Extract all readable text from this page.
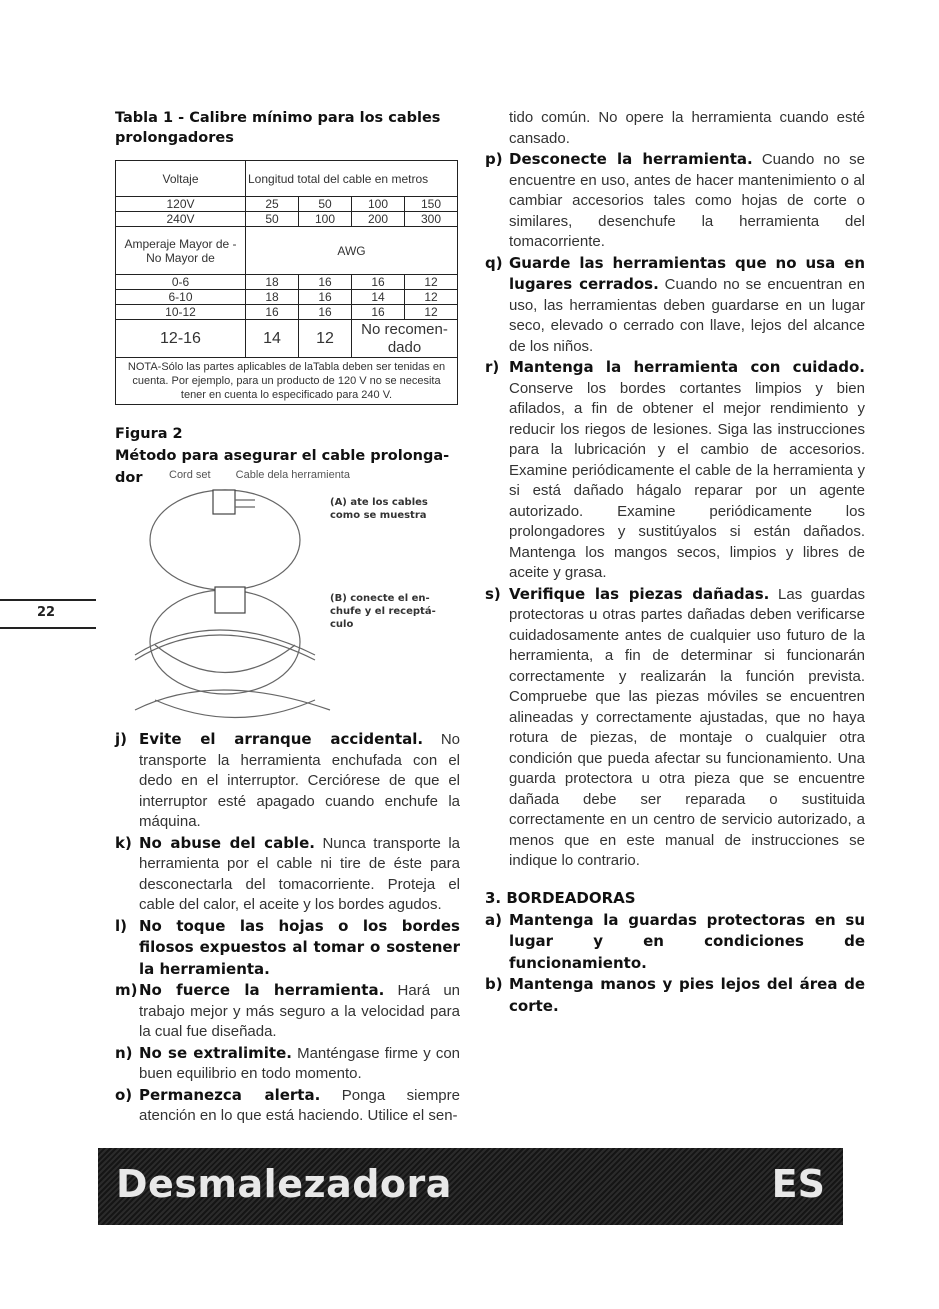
22
Tabla 1 - Calibre mínimo para los cables prolongadores
Voltaje	Longitud total del cable en metros			
120V	25	50	100	150
240V	50	100	200	300
Amperaje Mayor de - No Mayor de	AWG			
0-6	18	16	16	12
6-10	18	16	14	12
10-12	16	16	16	12
12-16	14	12	No recomen-dado	
NOTA-Sólo las partes aplicables de laTabla deben ser tenidas en cuenta. Por ejemplo, para un producto de 120 V no se necesita tener en cuenta lo especificado para 240 V.				
Figura 2
Método para asegurar el cable prolonga-dor	Cord set Cable dela herramienta
(A) ate los cables como se muestra
(B) conecte el en- chufe y el receptá- culo
j) Evite el arranque accidental. No transporte la herramienta enchufada con el dedo en el interruptor. Cerciórese de que el interruptor esté apagado cuando enchufe la máquina.
k) No abuse del cable. Nunca transporte la herramienta por el cable ni tire de éste para desconectarla del tomacorriente. Proteja el cable del calor, el aceite y los bordes agudos.
l) No toque las hojas o los bordes filosos expuestos al tomar o sostener la herramienta.
m) No fuerce la herramienta. Hará un trabajo mejor y más seguro a la velocidad para la cual fue diseñada.
n) No se extralimite. Manténgase firme y con buen equilibrio en todo momento.
o) Permanezca alerta. Ponga siempre atención en lo que está haciendo. Utilice el sen-
tido común. No opere la herramienta cuando esté cansado.
p) Desconecte la herramienta. Cuando no se encuentre en uso, antes de hacer mantenimiento o al cambiar accesorios tales como hojas de corte o similares, desenchufe la herramienta del tomacorriente.
q) Guarde las herramientas que no usa en lugares cerrados. Cuando no se encuentran en uso, las herramientas deben guardarse en un lugar seco, elevado o cerrado con llave, lejos del alcance de los niños.
r) Mantenga la herramienta con cuidado. Conserve los bordes cortantes limpios y bien afilados, a fin de obtener el mejor rendimiento y reducir los riegos de lesiones. Siga las instrucciones para la lubricación y el cambio de accesorios. Examine periódicamente el cable de la herramienta y si está dañado hágalo reparar por un agente autorizado. Examine periódicamente los prolongadores y sustitúyalos si están dañados. Mantenga los mangos secos, limpios y libres de aceite y grasa.
s) Verifique las piezas dañadas. Las guardas protectoras u otras partes dañadas deben verificarse cuidadosamente antes de cualquier uso futuro de la herramienta, a fin de determinar si funcionarán correctamente y realizarán la función prevista. Compruebe que las piezas móviles se encuentren alineadas y correctamente ajustadas, que no haya rotura de piezas, de montaje o cualquier otra condición que pueda afectar su funcionamiento. Una guarda protectora u otra pieza que se encuentre dañada debe ser reparada o sustituida correctamente en un centro de servicio autorizado, a menos que en este manual de instrucciones se indique lo contrario.
3. BORDEADORAS
a) Mantenga la guardas protectoras en su lugar y en condiciones de funcionamiento.
b) Mantenga manos y pies lejos del área de corte.
Desmalezadora	ES
